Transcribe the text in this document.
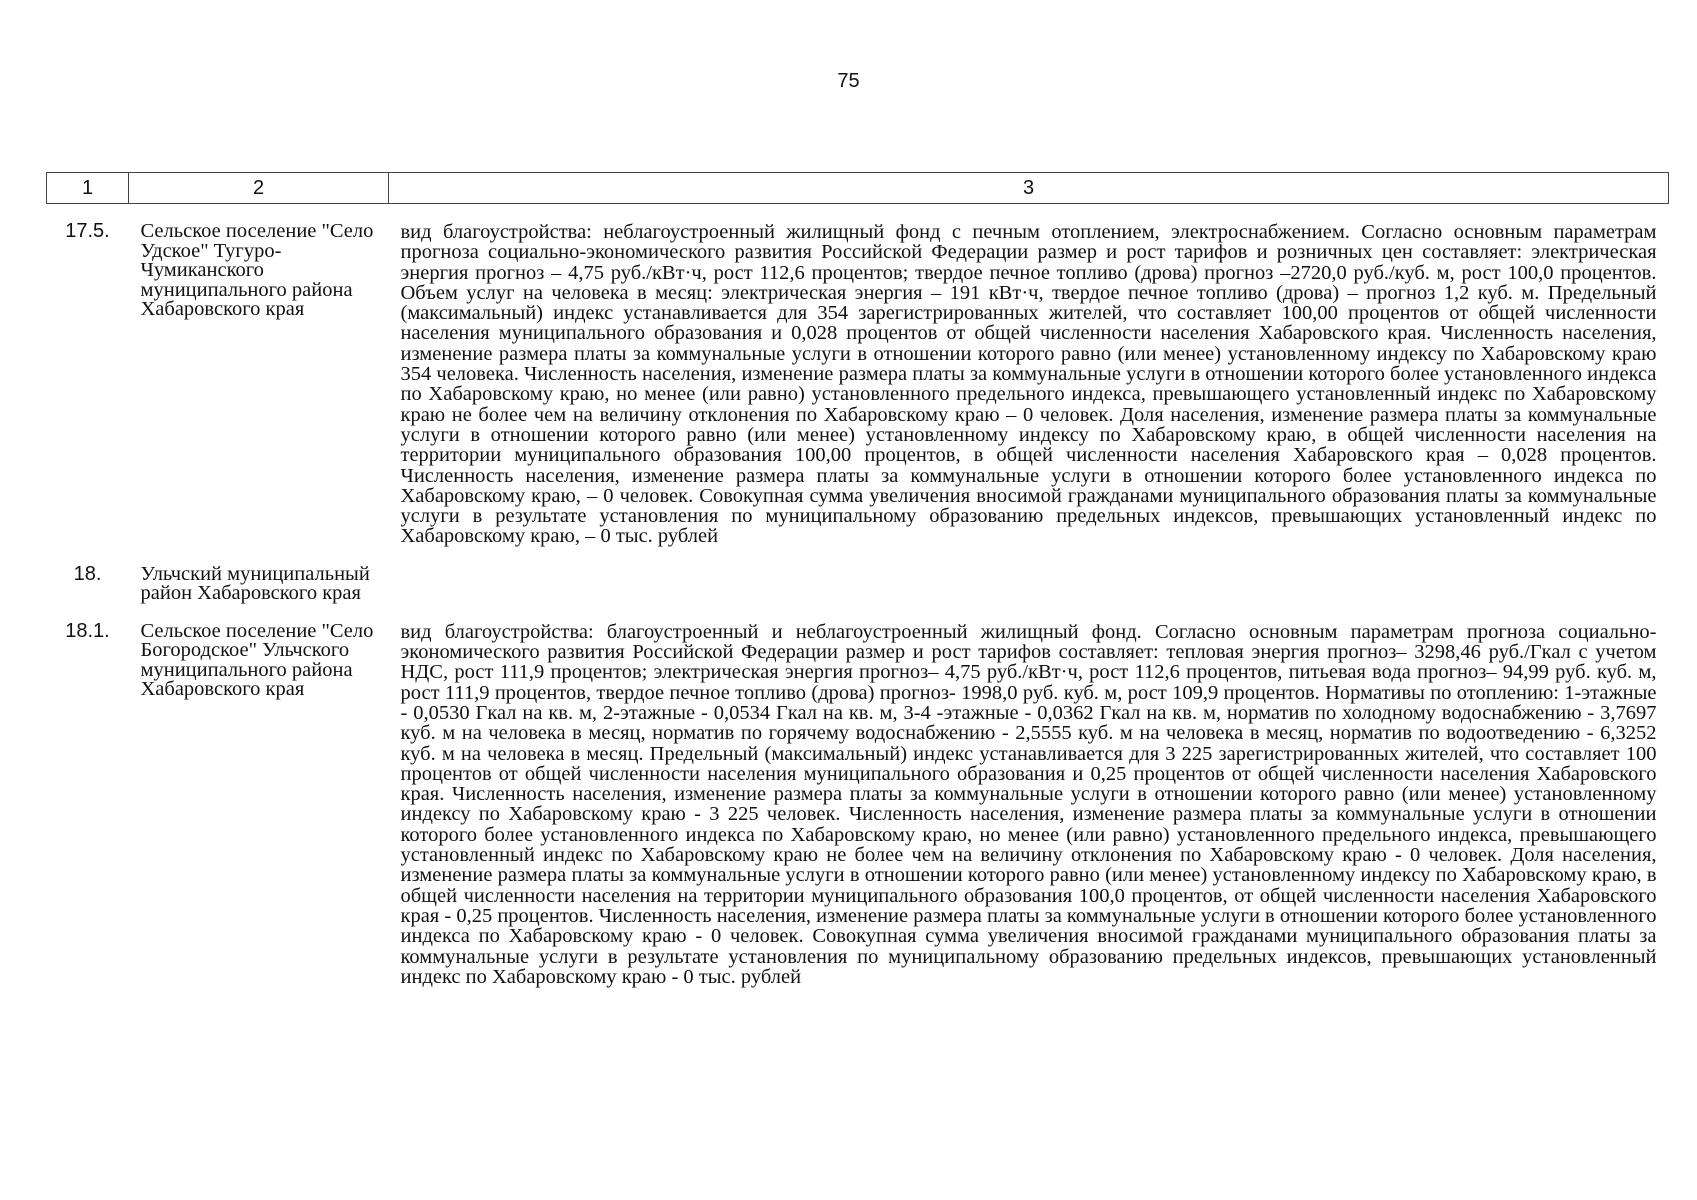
75
1	2	3

17.5.	Сельское поселение "Село Удское" Тугуро-Чумиканского муниципального района Хабаровского края	вид благоустройства: неблагоустроенный жилищный фонд с печным отоплением, электроснабжением. Согласно основным параметрам прогноза социально-экономического развития Российской Федерации размер и рост тарифов и розничных цен составляет: электрическая энергия прогноз – 4,75 руб./кВт·ч, рост 112,6 процентов; твердое печное топливо (дрова) прогноз –2720,0 руб./куб. м, рост 100,0 процентов. Объем услуг на человека в месяц: электрическая энергия – 191 кВт·ч, твердое печное топливо (дрова) – прогноз 1,2 куб. м. Предельный (максимальный) индекс устанавливается для 354 зарегистрированных жителей, что составляет 100,00 процентов от общей численности населения муниципального образования и 0,028 процентов от общей численности населения Хабаровского края. Численность населения, изменение размера платы за коммунальные услуги в отношении которого равно (или менее) установленному индексу по Хабаровскому краю 354 человека. Численность населения, изменение размера платы за коммунальные услуги в отношении которого более установленного индекса по Хабаровскому краю, но менее (или равно) установленного предельного индекса, превышающего установленный индекс по Хабаровскому краю не более чем на величину отклонения по Хабаровскому краю – 0 человек. Доля населения, изменение размера платы за коммунальные услуги в отношении которого равно (или менее) установленному индексу по Хабаровскому краю, в общей численности населения на территории муниципального образования 100,00 процентов, в общей численности населения Хабаровского края – 0,028 процентов. Численность населения, изменение размера платы за коммунальные услуги в отношении которого более установленного индекса по Хабаровскому краю, – 0 человек. Совокупная сумма увеличения вносимой гражданами муниципального образования платы за коммунальные услуги в результате установления по муниципальному образованию предельных индексов, превышающих установленный индекс по Хабаровскому краю, – 0 тыс. рублей

18.	Ульчский муниципальный район Хабаровского края	

18.1.	Сельское поселение "Село Богородское" Ульчского муниципального района Хабаровского края	вид благоустройства: благоустроенный и неблагоустроенный жилищный фонд. Согласно основным параметрам прогноза социально-экономического развития Российской Федерации размер и рост тарифов составляет: тепловая энергия прогноз– 3298,46 руб./Гкал с учетом НДС, рост 111,9 процентов; электрическая энергия прогноз– 4,75 руб./кВт·ч, рост 112,6 процентов, питьевая вода прогноз– 94,99 руб. куб. м, рост 111,9 процентов, твердое печное топливо (дрова) прогноз- 1998,0 руб. куб. м, рост 109,9 процентов. Нормативы по отоплению: 1-этажные - 0,0530 Гкал на кв. м, 2-этажные - 0,0534 Гкал на кв. м, 3-4 -этажные - 0,0362 Гкал на кв. м, норматив по холодному водоснабжению - 3,7697 куб. м на человека в месяц, норматив по горячему водоснабжению - 2,5555 куб. м на человека в месяц, норматив по водоотведению - 6,3252 куб. м на человека в месяц. Предельный (максимальный) индекс устанавливается для 3 225 зарегистрированных жителей, что составляет 100 процентов от общей численности населения муниципального образования и 0,25 процентов от общей численности населения Хабаровского края. Численность населения, изменение размера платы за коммунальные услуги в отношении которого равно (или менее) установленному индексу по Хабаровскому краю - 3 225 человек. Численность населения, изменение размера платы за коммунальные услуги в отношении которого более установленного индекса по Хабаровскому краю, но менее (или равно) установленного предельного индекса, превышающего установленный индекс по Хабаровскому краю не более чем на величину отклонения по Хабаровскому краю - 0 человек. Доля населения, изменение размера платы за коммунальные услуги в отношении которого равно (или менее) установленному индексу по Хабаровскому краю, в общей численности населения на территории муниципального образования 100,0 процентов, от общей численности населения Хабаровского края - 0,25 процентов. Численность населения, изменение размера платы за коммунальные услуги в отношении которого более установленного индекса по Хабаровскому краю - 0 человек. Совокупная сумма увеличения вносимой гражданами муниципального образования платы за коммунальные услуги в результате установления по муниципальному образованию предельных индексов, превышающих установленный индекс по Хабаровскому краю - 0 тыс. рублей
